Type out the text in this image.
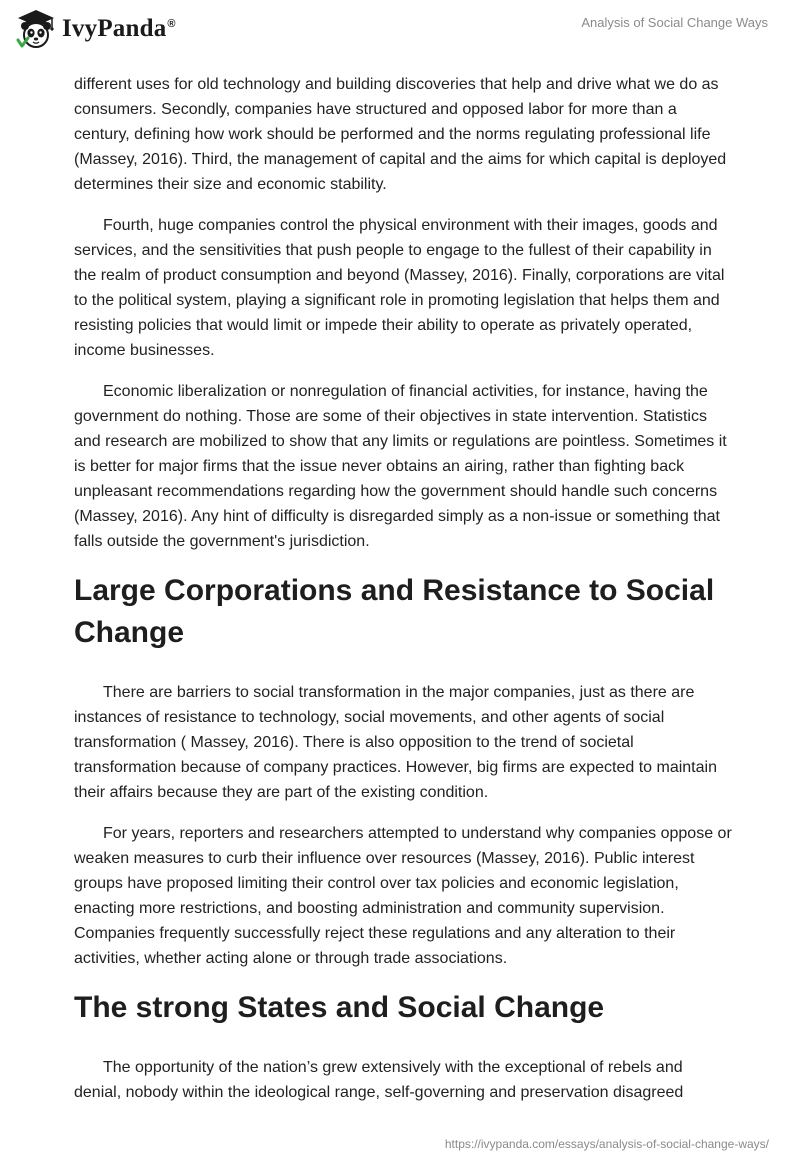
IvyPanda®	Analysis of Social Change Ways

different uses for old technology and building discoveries that help and drive what we do as consumers. Secondly, companies have structured and opposed labor for more than a century, defining how work should be performed and the norms regulating professional life (Massey, 2016). Third, the management of capital and the aims for which capital is deployed determines their size and economic stability.

Fourth, huge companies control the physical environment with their images, goods and services, and the sensitivities that push people to engage to the fullest of their capability in the realm of product consumption and beyond (Massey, 2016). Finally, corporations are vital to the political system, playing a significant role in promoting legislation that helps them and resisting policies that would limit or impede their ability to operate as privately operated, income businesses.

Economic liberalization or nonregulation of financial activities, for instance, having the government do nothing. Those are some of their objectives in state intervention. Statistics and research are mobilized to show that any limits or regulations are pointless. Sometimes it is better for major firms that the issue never obtains an airing, rather than fighting back unpleasant recommendations regarding how the government should handle such concerns (Massey, 2016). Any hint of difficulty is disregarded simply as a non-issue or something that falls outside the government's jurisdiction.

Large Corporations and Resistance to Social Change

There are barriers to social transformation in the major companies, just as there are instances of resistance to technology, social movements, and other agents of social transformation ( Massey, 2016). There is also opposition to the trend of societal transformation because of company practices. However, big firms are expected to maintain their affairs because they are part of the existing condition.

For years, reporters and researchers attempted to understand why companies oppose or weaken measures to curb their influence over resources (Massey, 2016). Public interest groups have proposed limiting their control over tax policies and economic legislation, enacting more restrictions, and boosting administration and community supervision. Companies frequently successfully reject these regulations and any alteration to their activities, whether acting alone or through trade associations.

The strong States and Social Change

The opportunity of the nation’s grew extensively with the exceptional of rebels and denial, nobody within the ideological range, self-governing and preservation disagreed

https://ivypanda.com/essays/analysis-of-social-change-ways/
